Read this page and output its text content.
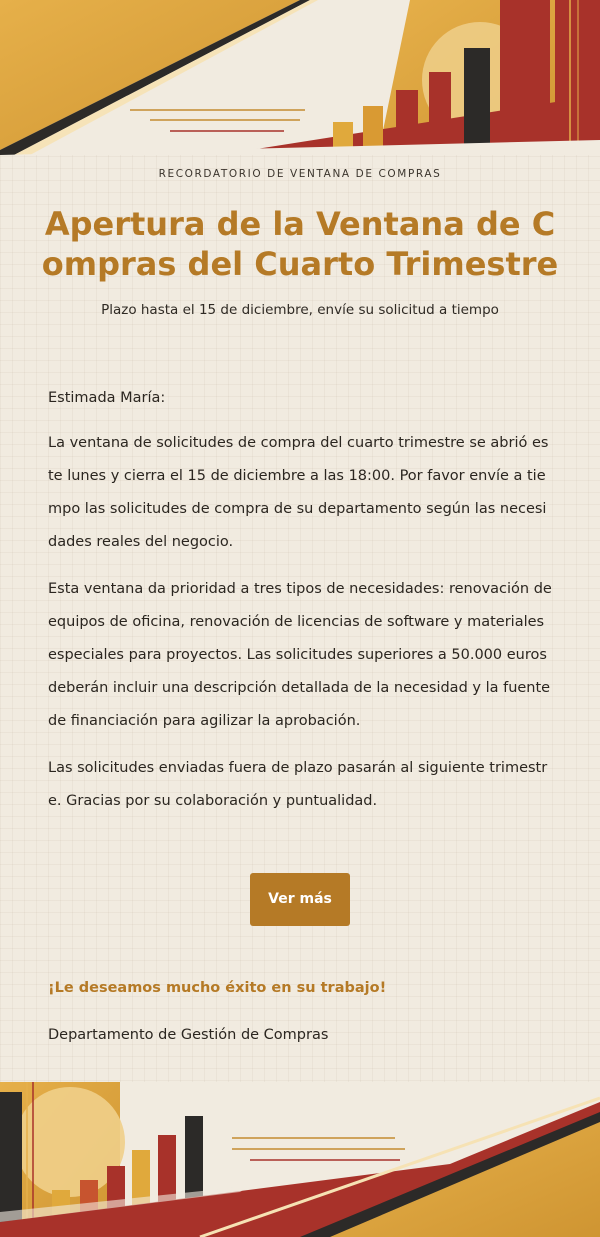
RECORDATORIO DE VENTANA DE COMPRAS
Apertura de la Ventana de Compras del Cuarto Trimestre
Plazo hasta el 15 de diciembre, envíe su solicitud a tiempo

Estimada María:

La ventana de solicitudes de compra del cuarto trimestre se abrió este lunes y cierra el 15 de diciembre a las 18:00. Por favor envíe a tiempo las solicitudes de compra de su departamento según las necesidades reales del negocio.

Esta ventana da prioridad a tres tipos de necesidades: renovación de equipos de oficina, renovación de licencias de software y materiales especiales para proyectos. Las solicitudes superiores a 50.000 euros deberán incluir una descripción detallada de la necesidad y la fuente de financiación para agilizar la aprobación.

Las solicitudes enviadas fuera de plazo pasarán al siguiente trimestre. Gracias por su colaboración y puntualidad.

Ver más
¡Le deseamos mucho éxito en su trabajo!
Departamento de Gestión de Compras
